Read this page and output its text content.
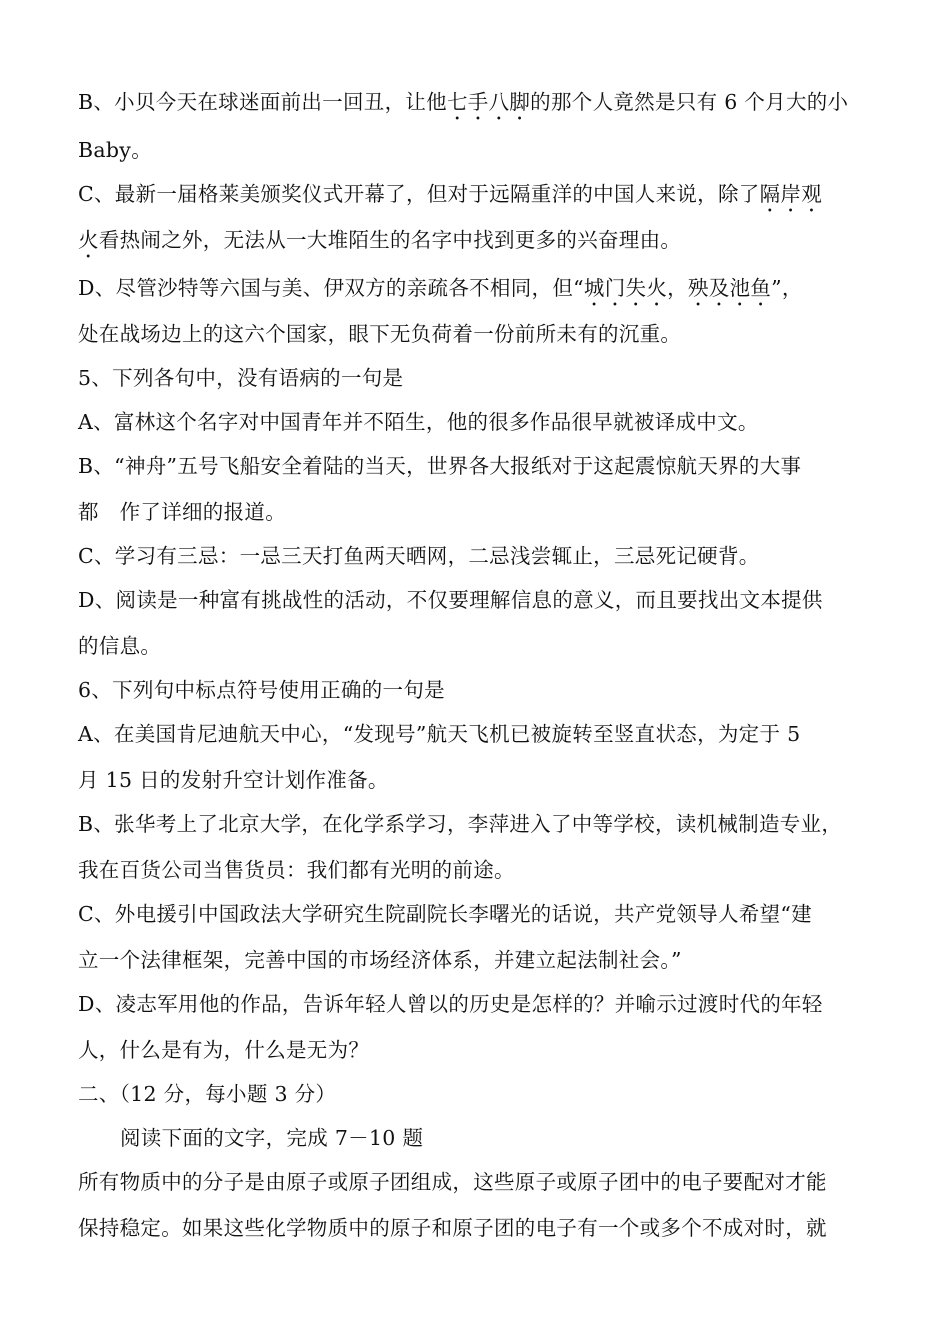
B、小贝今天在球迷面前出一回丑，让他七手八脚的那个人竟然是只有 6 个月大的小

Baby。

C、最新一届格莱美颁奖仪式开幕了，但对于远隔重洋的中国人来说，除了隔岸观

火看热闹之外，无法从一大堆陌生的名字中找到更多的兴奋理由。

D、尽管沙特等六国与美、伊双方的亲疏各不相同，但“城门失火，殃及池鱼”，

处在战场边上的这六个国家，眼下无负荷着一份前所未有的沉重。

5、下列各句中，没有语病的一句是

A、富林这个名字对中国青年并不陌生，他的很多作品很早就被译成中文。

B、“神舟”五号飞船安全着陆的当天，世界各大报纸对于这起震惊航天界的大事

都　作了详细的报道。

C、学习有三忌：一忌三天打鱼两天晒网，二忌浅尝辄止，三忌死记硬背。

D、阅读是一种富有挑战性的活动，不仅要理解信息的意义，而且要找出文本提供

的信息。

6、下列句中标点符号使用正确的一句是

A、在美国肯尼迪航天中心，“发现号”航天飞机已被旋转至竖直状态，为定于 5

月 15 日的发射升空计划作准备。

B、张华考上了北京大学，在化学系学习，李萍进入了中等学校，读机械制造专业，

我在百货公司当售货员：我们都有光明的前途。

C、外电援引中国政法大学研究生院副院长李曙光的话说，共产党领导人希望“建

立一个法律框架，完善中国的市场经济体系，并建立起法制社会。”

D、凌志军用他的作品，告诉年轻人曾以的历史是怎样的？并喻示过渡时代的年轻

人，什么是有为，什么是无为？

二、（12 分，每小题 3 分）

阅读下面的文字，完成 7－10 题

所有物质中的分子是由原子或原子团组成，这些原子或原子团中的电子要配对才能

保持稳定。如果这些化学物质中的原子和原子团的电子有一个或多个不成对时，就
